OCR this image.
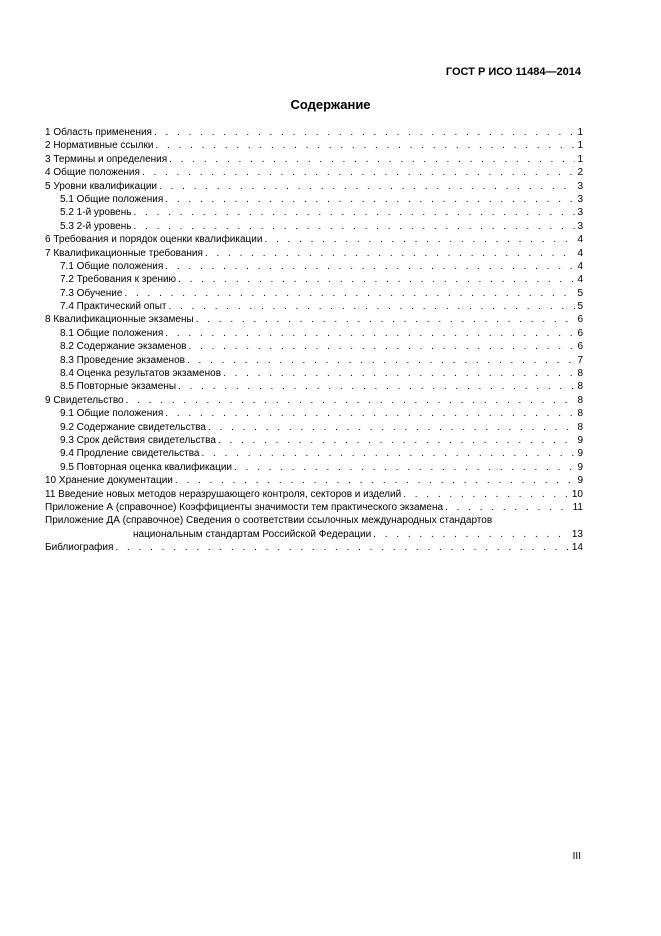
ГОСТ Р ИСО 11484—2014
Содержание
1 Область применения . . .	1
2 Нормативные ссылки . . .	1
3 Термины и определения . . .	1
4 Общие положения . . .	2
5 Уровни квалификации . . .	3
5.1 Общие положения . . .	3
5.2 1-й уровень . . .	3
5.3 2-й уровень . . .	3
6 Требования и порядок оценки квалификации . . .	4
7 Квалификационные требования . . .	4
7.1 Общие положения . . .	4
7.2 Требования к зрению . . .	4
7.3 Обучение . . .	5
7.4 Практический опыт . . .	5
8 Квалификационные экзамены . . .	6
8.1 Общие положения . . .	6
8.2 Содержание экзаменов . . .	6
8.3 Проведение экзаменов . . .	7
8.4 Оценка результатов экзаменов . . .	8
8.5 Повторные экзамены . . .	8
9 Свидетельство . . .	8
9.1 Общие положения . . .	8
9.2 Содержание свидетельства . . .	8
9.3 Срок действия свидетельства . . .	9
9.4 Продление свидетельства . . .	9
9.5 Повторная оценка квалификации . . .	9
10 Хранение документации . . .	9
11 Введение новых методов неразрушающего контроля, секторов и изделий . . .	10
Приложение А (справочное) Коэффициенты значимости тем практического экзамена . . .	11
Приложение ДА (справочное) Сведения о соответствии ссылочных международных стандартов
национальным стандартам Российской Федерации . . .	13
Библиография . . .	14
III
